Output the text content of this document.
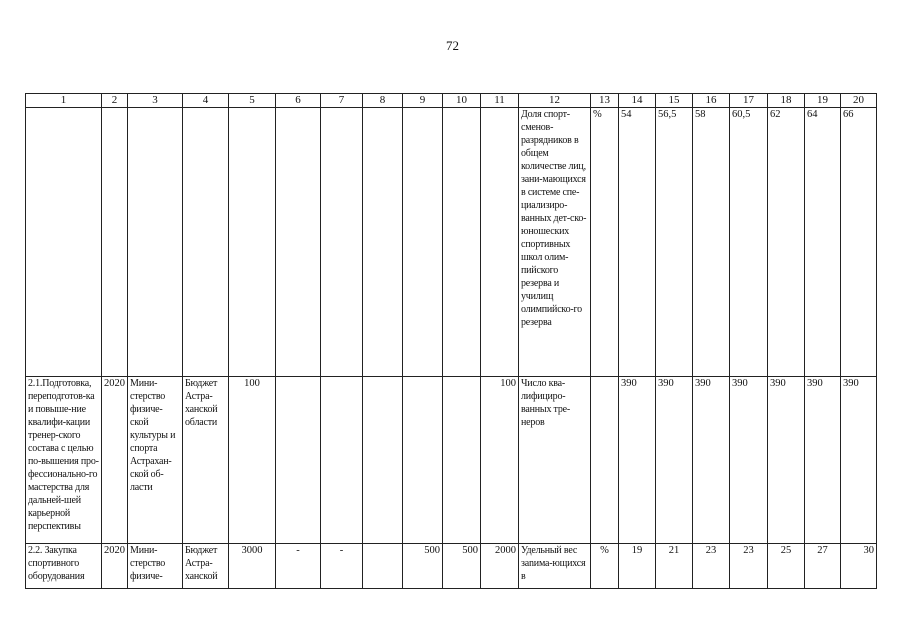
72
1	2	3	4	5	6	7	8	9	10	11	12	13	14	15	16	17	18	19	20
											Доля спорт-сменов-разрядников в общем количестве лиц, зани-мающихся в системе спе-циализиро-ванных дет-ско-юношеских спортивных школ олим-пийского резерва и училищ олимпийско-го резерва	%	54	56,5	58	60,5	62	64	66
2.1.Подготовка, переподготов-ка и повыше-ние квалифи-кации тренер-ского состава с целью по-вышения про-фессионально-го мастерства для дальней-шей карьерной перспективы	2020	Мини-стерство физиче-ской культуры и спорта Астрахан-ской об-ласти	Бюджет Астра-ханской области	100						100	Число ква-лифициро-ванных тре-неров		390	390	390	390	390	390	390
2.2. Закупка спортивного оборудования	2020	Мини-стерство физиче-	Бюджет Астра-ханской	3000	-	-		500	500	2000	Удельный вес зanима-ющихся в	%	19	21	23	23	25	27	30
